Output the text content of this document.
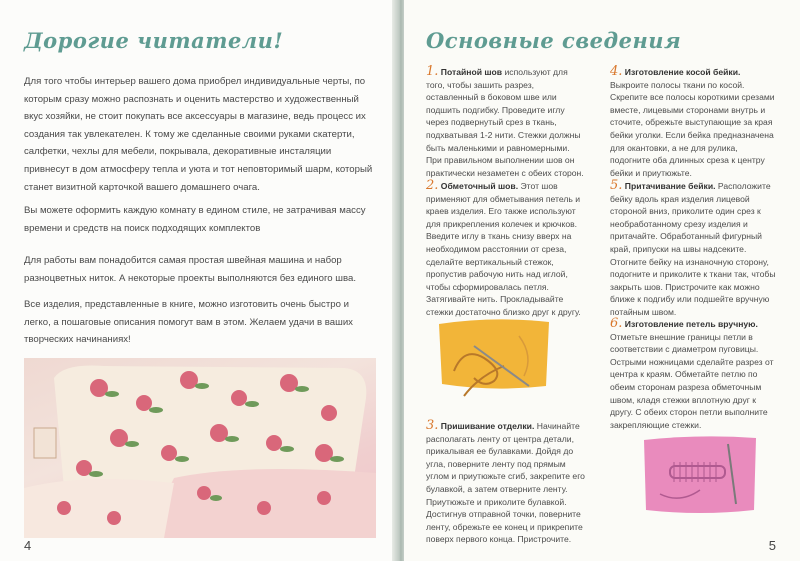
Дорогие читатели!

Для того чтобы интерьер вашего дома приобрел индивидуальные черты, по которым сразу можно распознать и оценить мастерство и художественный вкус хозяйки, не стоит покупать все аксессуары в магазине, ведь процесс их создания так увлекателен. К тому же сделанные своими руками скатерти, салфетки, чехлы для мебели, покрывала, декоративные инсталяции привнесут в дом атмосферу тепла и уюта и тот неповторимый шарм, который станет визитной карточкой вашего домашнего очага.

Вы можете оформить каждую комнату в едином стиле, не затрачивая массу времени и средств на поиск подходящих комплектов

Для работы вам понадобится самая простая швейная машина и набор разноцветных ниток. А некоторые проекты выполняются без единого шва.

Все изделия, представленные в книге, можно изготовить очень быстро и легко, а пошаговые описания помогут вам в этом. Желаем удачи в ваших творческих начинаниях!

4
Основные сведения

1. Потайной шов используют для того, чтобы зашить разрез, оставленный в боковом шве или подшить подгибку. Проведите иглу через подвернутый срез в ткань, подхватывая 1-2 нити. Стежки должны быть маленькими и равномерными. При правильном выполнении шов он практически незаметен с обеих сторон.

2. Обметочный шов. Этот шов применяют для обметывания петель и краев изделия. Его также используют для прикрепления колечек и крючков. Введите иглу в ткань снизу вверх на необходимом расстоянии от среза, сделайте вертикальный стежок, пропустив рабочую нить над иглой, чтобы сформировалась петля. Затягивайте нить. Прокладывайте стежки достаточно близко друг к другу.

3. Пришивание отделки. Начинайте располагать ленту от центра детали, прикалывая ее булавками. Дойдя до угла, поверните ленту под прямым углом и приутюжьте сгиб, закрепите его булавкой, а затем отверните ленту. Приутюжьте и приколите булавкой. Достигнув отправной точки, поверните ленту, обрежьте ее конец и прикрепите поверх первого конца. Пристрочите.

4. Изготовление косой бейки. Выкроите полосы ткани по косой. Скрепите все полосы короткими срезами вместе, лицевыми сторонами внутрь и сточите, обрежьте выступающие за края бейки уголки. Если бейка предназначена для окантовки, а не для рулика, подогните оба длинных среза к центру бейки и приутюжьте.

5. Притачивание бейки. Расположите бейку вдоль края изделия лицевой стороной вниз, приколите один срез к необработанному срезу изделия и притачайте. Обработанный фигурный край, припуски на швы надсеките. Отогните бейку на изнаночную сторону, подогните и приколите к ткани так, чтобы закрыть шов. Пристрочите как можно ближе к подгибу или подшейте вручную потайным швом.

6. Изготовление петель вручную. Отметьте внешние границы петли в соответствии с диаметром пуговицы. Острыми ножницами сделайте разрез от центра к краям. Обметайте петлю по обеим сторонам разреза обметочным швом, кладя стежки вплотную друг к другу. С обеих сторон петли выполните закрепляющие стежки.

5
